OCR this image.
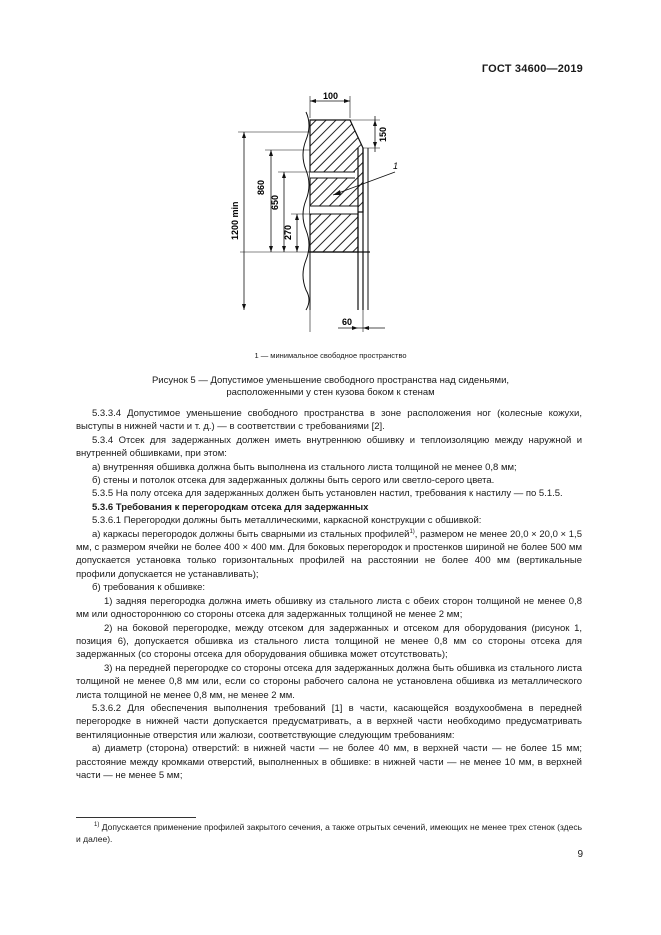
ГОСТ 34600—2019
100
150
1
1200 min
860
650
270
60
1 — минимальное свободное пространство
Рисунок 5 — Допустимое уменьшение свободного пространства над сиденьями,
расположенными у стен кузова боком к стенам

5.3.3.4 Допустимое уменьшение свободного пространства в зоне расположения ног (колесные кожухи, выступы в нижней части и т. д.) — в соответствии с требованиями [2].

5.3.4 Отсек для задержанных должен иметь внутреннюю обшивку и теплоизоляцию между наружной и внутренней обшивками, при этом:

а) внутренняя обшивка должна быть выполнена из стального листа толщиной не менее 0,8 мм;

б) стены и потолок отсека для задержанных должны быть серого или светло-серого цвета.

5.3.5 На полу отсека для задержанных должен быть установлен настил, требования к настилу — по 5.1.5.

5.3.6 Требования к перегородкам отсека для задержанных

5.3.6.1 Перегородки должны быть металлическими, каркасной конструкции с обшивкой:

а) каркасы перегородок должны быть сварными из стальных профилей$^{1)}$, размером не менее 20,0 × 20,0 × 1,5 мм, с размером ячейки не более 400 × 400 мм. Для боковых перегородок и простенков шириной не более 500 мм допускается установка только горизонтальных профилей на расстоянии не более 400 мм (вертикальные профили допускается не устанавливать);

б) требования к обшивке:

1) задняя перегородка должна иметь обшивку из стального листа с обеих сторон толщиной не менее 0,8 мм или одностороннюю со стороны отсека для задержанных толщиной не менее 2 мм;

2) на боковой перегородке, между отсеком для задержанных и отсеком для оборудования (рисунок 1, позиция 6), допускается обшивка из стального листа толщиной не менее 0,8 мм со стороны отсека для задержанных (со стороны отсека для оборудования обшивка может отсутствовать);

3) на передней перегородке со стороны отсека для задержанных должна быть обшивка из стального листа толщиной не менее 0,8 мм или, если со стороны рабочего салона не установлена обшивка из металлического листа толщиной не менее 0,8 мм, не менее 2 мм.

5.3.6.2 Для обеспечения выполнения требований [1] в части, касающейся воздухообмена в передней перегородке в нижней части допускается предусматривать, а в верхней части необходимо предусматривать вентиляционные отверстия или жалюзи, соответствующие следующим требованиям:

а) диаметр (сторона) отверстий: в нижней части — не более 40 мм, в верхней части — не более 15 мм; расстояние между кромками отверстий, выполненных в обшивке: в нижней части — не менее 10 мм, в верхней части — не менее 5 мм;

$^{1)}$ Допускается применение профилей закрытого сечения, а также отрытых сечений, имеющих не менее трех стенок (здесь и далее).
9
